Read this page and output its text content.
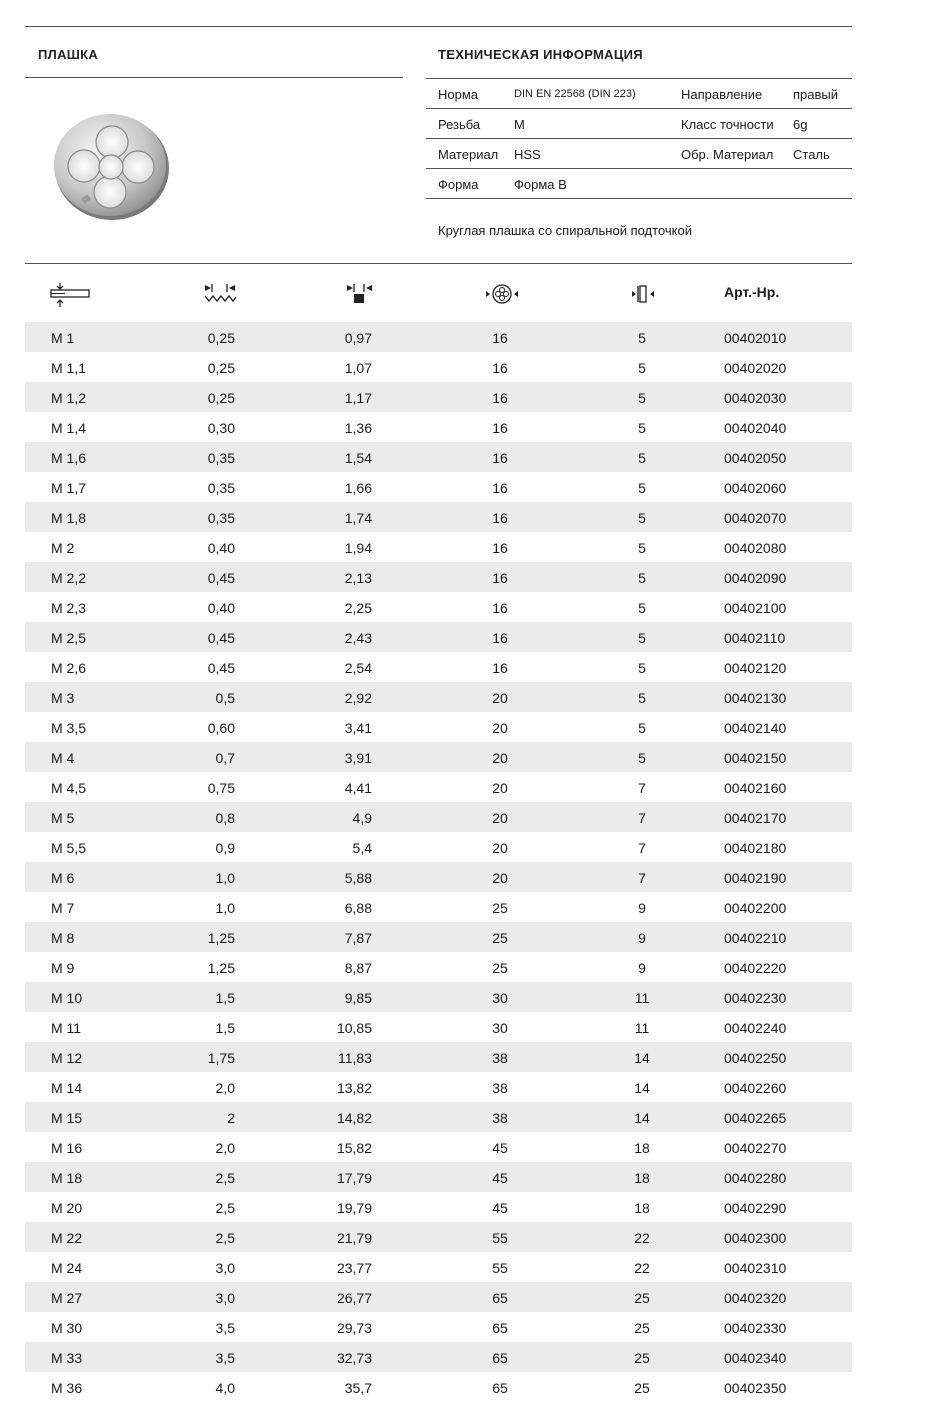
ПЛАШКА	ТЕХНИЧЕСКАЯ ИНФОРМАЦИЯ
Норма	DIN EN 22568 (DIN 223)	Направление правый
Резьба	M	Класс точности 6g
Материал HSS	Обр. Материал Сталь
Форма	Форма B
Круглая плашка со спиральной подточкой
Арт.-Нр.
M 1	0,25	0,97	16	5	00402010
M 1,1	0,25	1,07	16	5	00402020
M 1,2	0,25	1,17	16	5	00402030
M 1,4	0,30	1,36	16	5	00402040
M 1,6	0,35	1,54	16	5	00402050
M 1,7	0,35	1,66	16	5	00402060
M 1,8	0,35	1,74	16	5	00402070
M 2	0,40	1,94	16	5	00402080
M 2,2	0,45	2,13	16	5	00402090
M 2,3	0,40	2,25	16	5	00402100
M 2,5	0,45	2,43	16	5	00402110
M 2,6	0,45	2,54	16	5	00402120
M 3	0,5	2,92	20	5	00402130
M 3,5	0,60	3,41	20	5	00402140
M 4	0,7	3,91	20	5	00402150
M 4,5	0,75	4,41	20	7	00402160
M 5	0,8	4,9	20	7	00402170
M 5,5	0,9	5,4	20	7	00402180
M 6	1,0	5,88	20	7	00402190
M 7	1,0	6,88	25	9	00402200
M 8	1,25	7,87	25	9	00402210
M 9	1,25	8,87	25	9	00402220
M 10	1,5	9,85	30	11	00402230
M 11	1,5	10,85	30	11	00402240
M 12	1,75	11,83	38	14	00402250
M 14	2,0	13,82	38	14	00402260
M 15	2	14,82	38	14	00402265
M 16	2,0	15,82	45	18	00402270
M 18	2,5	17,79	45	18	00402280
M 20	2,5	19,79	45	18	00402290
M 22	2,5	21,79	55	22	00402300
M 24	3,0	23,77	55	22	00402310
M 27	3,0	26,77	65	25	00402320
M 30	3,5	29,73	65	25	00402330
M 33	3,5	32,73	65	25	00402340
M 36	4,0	35,7	65	25	00402350
